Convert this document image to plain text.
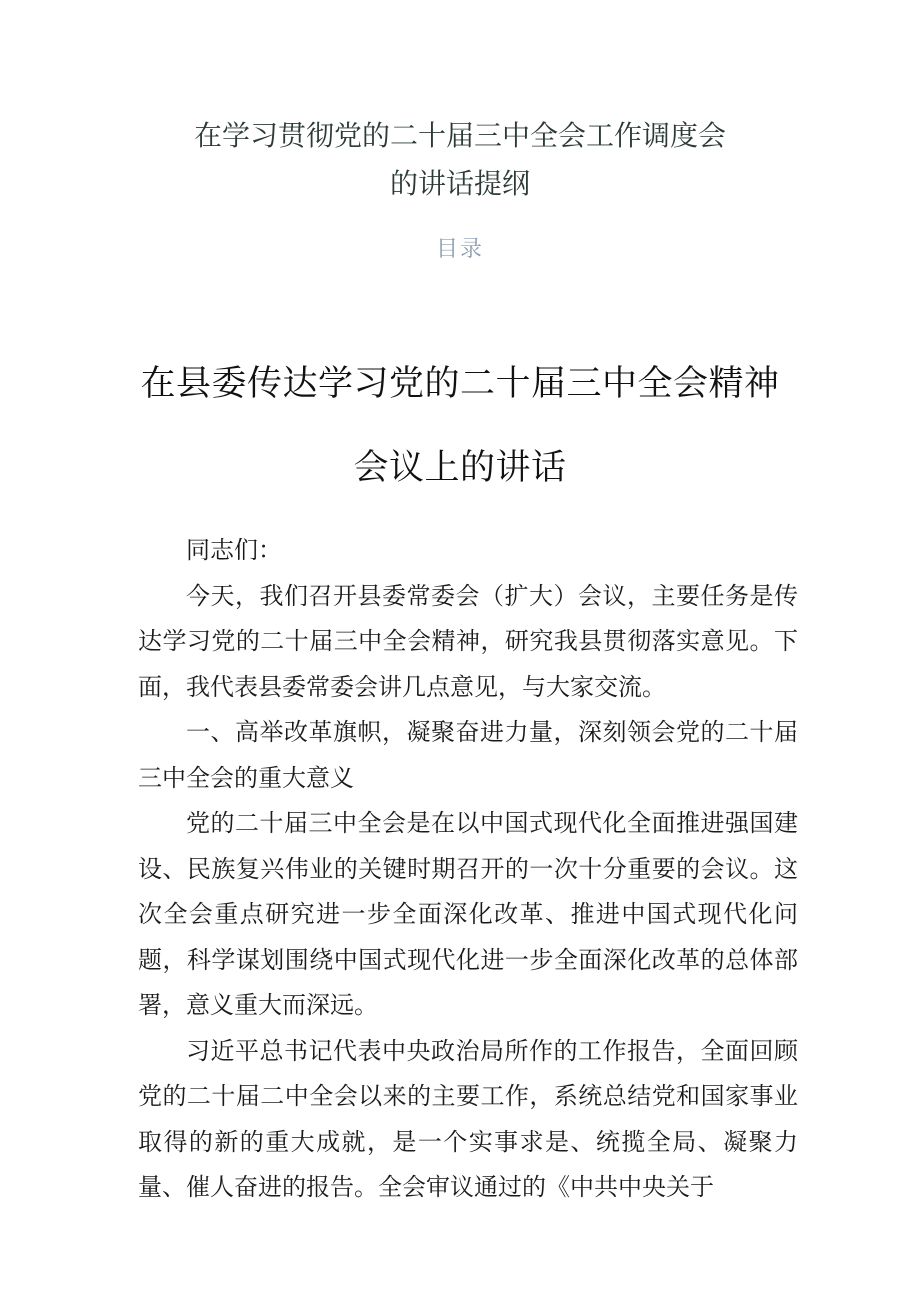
在学习贯彻党的二十届三中全会工作调度会
的讲话提纲
目录
在县委传达学习党的二十届三中全会精神
会议上的讲话

同志们：

今天，我们召开县委常委会（扩大）会议，主要任务是传达学习党的二十届三中全会精神，研究我县贯彻落实意见。下面，我代表县委常委会讲几点意见，与大家交流。

一、高举改革旗帜，凝聚奋进力量，深刻领会党的二十届三中全会的重大意义

党的二十届三中全会是在以中国式现代化全面推进强国建设、民族复兴伟业的关键时期召开的一次十分重要的会议。这次全会重点研究进一步全面深化改革、推进中国式现代化问题，科学谋划围绕中国式现代化进一步全面深化改革的总体部署，意义重大而深远。

习近平总书记代表中央政治局所作的工作报告，全面回顾党的二十届二中全会以来的主要工作，系统总结党和国家事业取得的新的重大成就，是一个实事求是、统揽全局、凝聚力量、催人奋进的报告。全会审议通过的《中共中央关于
